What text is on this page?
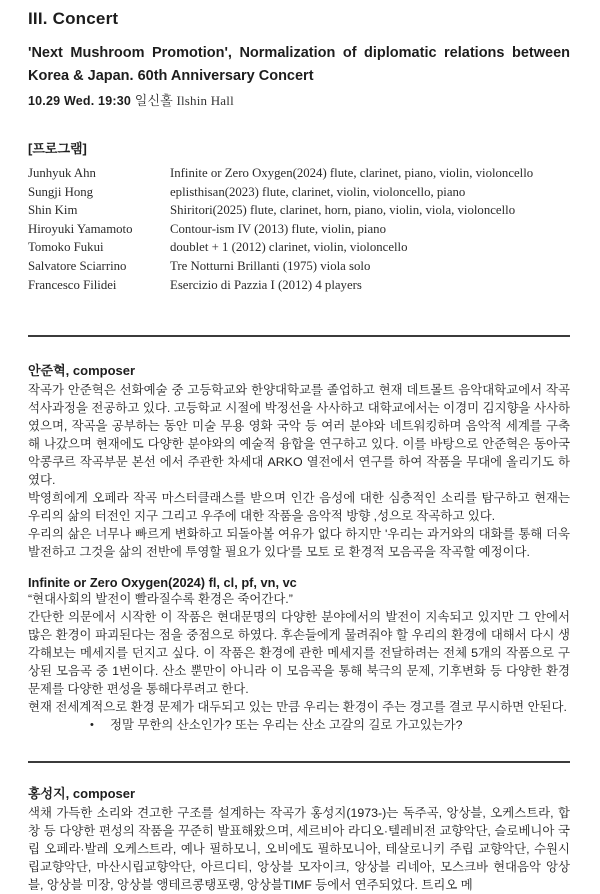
III. Concert
'Next Mushroom Promotion', Normalization of diplomatic relations between Korea & Japan. 60th Anniversary Concert
10.29 Wed. 19:30 일신홀 Ilshin Hall
[프로그램]
Junhyuk Ahn	Infinite or Zero Oxygen(2024) flute, clarinet, piano, violin, violoncello
Sungji Hong	eplisthisan(2023) flute, clarinet, violin, violoncello, piano
Shin Kim	Shiritori(2025) flute, clarinet, horn, piano, violin, viola, violoncello
Hiroyuki Yamamoto	Contour-ism IV (2013) flute, violin, piano
Tomoko Fukui	doublet + 1 (2012) clarinet, violin, violoncello
Salvatore Sciarrino	Tre Notturni Brillanti (1975) viola solo
Francesco Filidei	Esercizio di Pazzia I (2012) 4 players
안준혁, composer

작곡가 안준혁은 선화예술 중 고등학교와 한양대학교를 졸업하고 현재 데트몰트 음악대학교에서 작곡 석사과정을 전공하고 있다. 고등학교 시절에 박정선을 사사하고 대학교에서는 이경미 김지향을 사사하였으며, 작곡을 공부하는 동안 미술 무용 영화 국악 등 여러 분야와 네트워킹하며 음악적 세계를 구축해 나갔으며 현재에도 다양한 분야와의 예술적 융합을 연구하고 있다. 이를 바탕으로 안준혁은 동아국악콩쿠르 작곡부문 본선 에서 주관한 차세대 ARKO 열전에서 연구를 하여 작품을 무대에 올리기도 하였다.

박영희에게 오페라 작곡 마스터클래스를 받으며 인간 음성에 대한 심층적인 소리를 탐구하고 현재는 우리의 삶의 터전인 지구 그리고 우주에 대한 작품을 음악적 방향 ,성으로 작곡하고 있다.

우리의 삶은 너무나 빠르게 변화하고 되돌아볼 여유가 없다 하지만 '우리는 과거와의 대화를 통해 더욱 발전하고 그것을 삶의 전반에 투영할 필요가 있다'를 모토 로 환경적 모음곡을 작곡할 예정이다.

Infinite or Zero Oxygen(2024) fl, cl, pf, vn, vc
“현대사회의 발전이 빨라질수록 환경은 죽어간다.”

간단한 의문에서 시작한 이 작품은 현대문명의 다양한 분야에서의 발전이 지속되고 있지만 그 안에서 많은 환경이 파괴된다는 점을 중점으로 하였다. 후손들에게 물려줘야 할 우리의 환경에 대해서 다시 생각해보는 메세지를 던지고 싶다. 이 작품은 환경에 관한 메세지를 전달하려는 전체 5개의 작품으로 구상된 모음곡 중 1번이다. 산소 뿐만이 아니라 이 모음곡을 통해 북극의 문제, 기후변화 등 다양한 환경문제를 다양한 편성을 통해다루려고 한다.

현재 전세계적으로 환경 문제가 대두되고 있는 만큼 우리는 환경이 주는 경고를 결코 무시하면 안된다.

•	정말 무한의 산소인가? 또는 우리는 산소 고갈의 길로 가고있는가?
홍성지, composer

색채 가득한 소리와 견고한 구조를 설계하는 작곡가 홍성지(1973-)는 독주곡, 앙상블, 오케스트라, 합창 등 다양한 편성의 작품을 꾸준히 발표해왔으며, 세르비아 라디오·텔레비전 교향악단, 슬로베니아 국립 오페라·발레 오케스트라, 예나 필하모니, 오비에도 필하모니아, 테살로니키 주립 교향악단, 수원시립교향악단, 마산시립교향악단, 아르디티, 앙상블 모자이크, 앙상블 리네아, 모스크바 현대음악 앙상블, 앙상블 미장, 앙상블 앵테르콩탱포랭, 앙상블TIMF 등에서 연주되었다. 트리오 메
